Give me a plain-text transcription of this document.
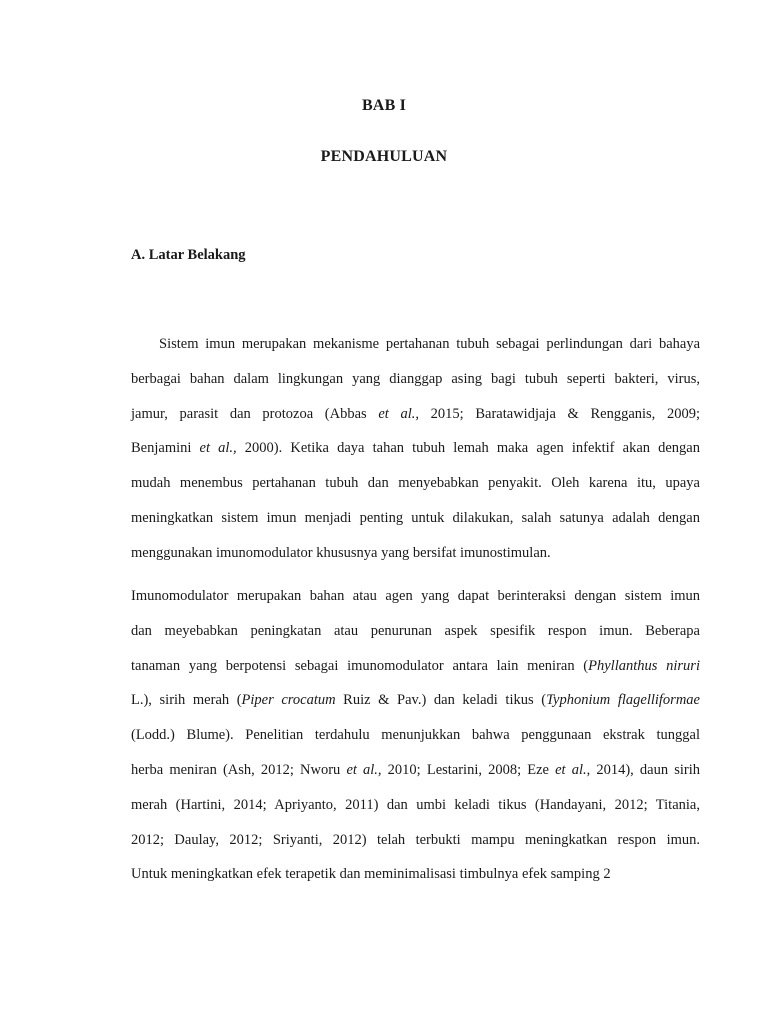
BAB I
PENDAHULUAN
A. Latar Belakang
Sistem imun merupakan mekanisme pertahanan tubuh sebagai perlindungan dari bahaya
berbagai bahan dalam lingkungan yang dianggap asing bagi tubuh seperti bakteri, virus,
jamur, parasit dan protozoa (Abbas et al., 2015; Baratawidjaja & Rengganis, 2009;
Benjamini et al., 2000). Ketika daya tahan tubuh lemah maka agen infektif akan dengan
mudah menembus pertahanan tubuh dan menyebabkan penyakit. Oleh karena itu, upaya
meningkatkan sistem imun menjadi penting untuk dilakukan, salah satunya adalah dengan
menggunakan imunomodulator khususnya yang bersifat imunostimulan.
Imunomodulator merupakan bahan atau agen yang dapat berinteraksi dengan sistem imun
dan meyebabkan peningkatan atau penurunan aspek spesifik respon imun. Beberapa
tanaman yang berpotensi sebagai imunomodulator antara lain meniran (Phyllanthus niruri
L.), sirih merah (Piper crocatum Ruiz & Pav.) dan keladi tikus (Typhonium flagelliformae
(Lodd.) Blume). Penelitian terdahulu menunjukkan bahwa penggunaan ekstrak tunggal
herba meniran (Ash, 2012; Nworu et al., 2010; Lestarini, 2008; Eze et al., 2014), daun sirih
merah (Hartini, 2014; Apriyanto, 2011) dan umbi keladi tikus (Handayani, 2012; Titania,
2012; Daulay, 2012; Sriyanti, 2012) telah terbukti mampu meningkatkan respon imun.
Untuk meningkatkan efek terapetik dan meminimalisasi timbulnya efek samping 2
